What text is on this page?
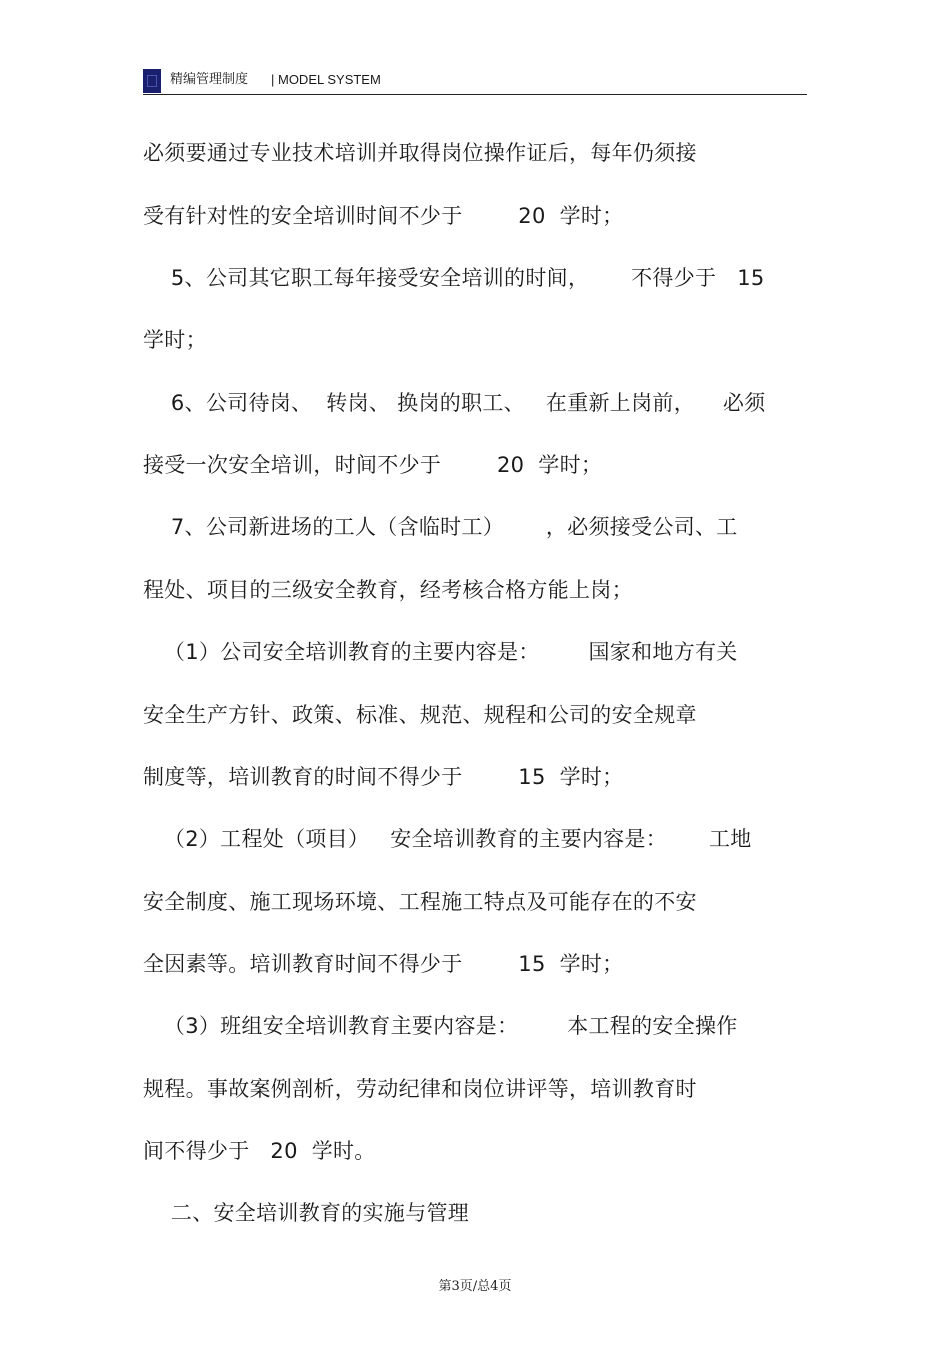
精编管理制度 | MODEL SYSTEM
必须要通过专业技术培训并取得岗位操作证后，每年仍须接
受有针对性的安全培训时间不少于        20  学时；
5、公司其它职工每年接受安全培训的时间，      不得少于   15
学时；
6、公司待岗、  转岗、 换岗的职工、   在重新上岗前，    必须
接受一次安全培训，时间不少于        20  学时；
7、公司新进场的工人（含临时工）      ，必须接受公司、工
程处、项目的三级安全教育，经考核合格方能上岗；
（1）公司安全培训教育的主要内容是：       国家和地方有关
安全生产方针、政策、标准、规范、规程和公司的安全规章
制度等，培训教育的时间不得少于        15  学时；
（2）工程处（项目）   安全培训教育的主要内容是：      工地
安全制度、施工现场环境、工程施工特点及可能存在的不安
全因素等。培训教育时间不得少于        15  学时；
（3）班组安全培训教育主要内容是：       本工程的安全操作
规程。事故案例剖析，劳动纪律和岗位讲评等，培训教育时
间不得少于   20  学时。
二、安全培训教育的实施与管理
第3页/总4页
